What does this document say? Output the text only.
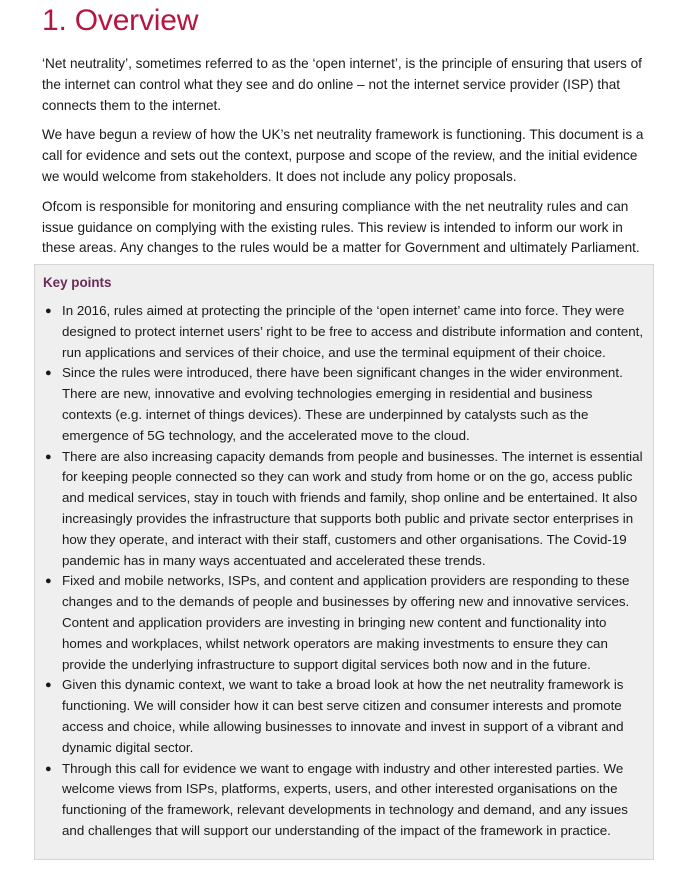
1. Overview

‘Net neutrality’, sometimes referred to as the ‘open internet’, is the principle of ensuring that users of the internet can control what they see and do online – not the internet service provider (ISP) that connects them to the internet.

We have begun a review of how the UK’s net neutrality framework is functioning. This document is a call for evidence and sets out the context, purpose and scope of the review, and the initial evidence we would welcome from stakeholders. It does not include any policy proposals.

Ofcom is responsible for monitoring and ensuring compliance with the net neutrality rules and can issue guidance on complying with the existing rules. This review is intended to inform our work in these areas. Any changes to the rules would be a matter for Government and ultimately Parliament.

Key points
● In 2016, rules aimed at protecting the principle of the ‘open internet’ came into force. They were designed to protect internet users’ right to be free to access and distribute information and content, run applications and services of their choice, and use the terminal equipment of their choice.
● Since the rules were introduced, there have been significant changes in the wider environment. There are new, innovative and evolving technologies emerging in residential and business contexts (e.g. internet of things devices). These are underpinned by catalysts such as the emergence of 5G technology, and the accelerated move to the cloud.
● There are also increasing capacity demands from people and businesses. The internet is essential for keeping people connected so they can work and study from home or on the go, access public and medical services, stay in touch with friends and family, shop online and be entertained. It also increasingly provides the infrastructure that supports both public and private sector enterprises in how they operate, and interact with their staff, customers and other organisations. The Covid-19 pandemic has in many ways accentuated and accelerated these trends.
● Fixed and mobile networks, ISPs, and content and application providers are responding to these changes and to the demands of people and businesses by offering new and innovative services. Content and application providers are investing in bringing new content and functionality into homes and workplaces, whilst network operators are making investments to ensure they can provide the underlying infrastructure to support digital services both now and in the future.
● Given this dynamic context, we want to take a broad look at how the net neutrality framework is functioning. We will consider how it can best serve citizen and consumer interests and promote access and choice, while allowing businesses to innovate and invest in support of a vibrant and dynamic digital sector.
● Through this call for evidence we want to engage with industry and other interested parties. We welcome views from ISPs, platforms, experts, users, and other interested organisations on the functioning of the framework, relevant developments in technology and demand, and any issues and challenges that will support our understanding of the impact of the framework in practice.
